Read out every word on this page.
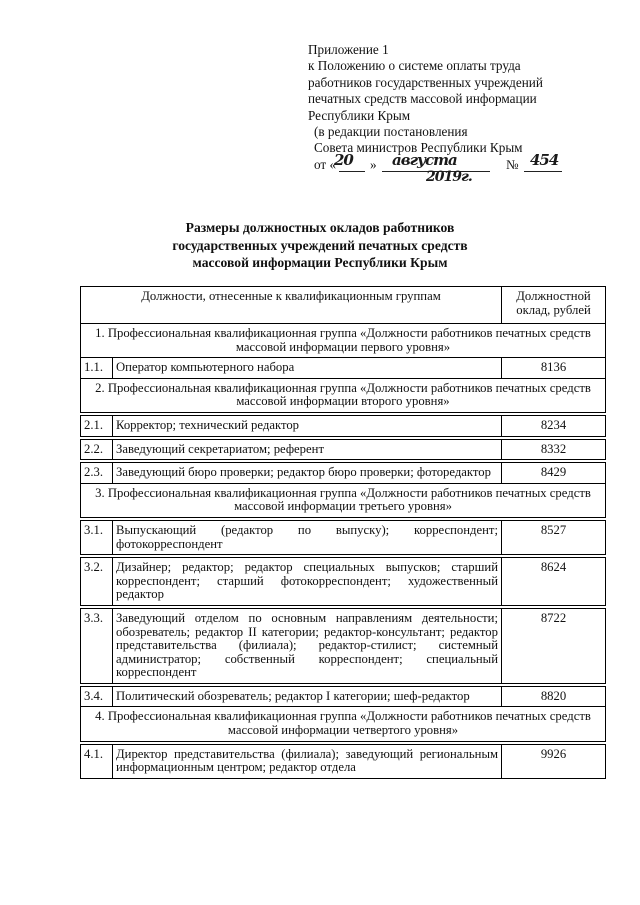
Приложение 1
к Положению о системе оплаты труда
работников государственных учреждений
печатных средств массовой информации
Республики Крым
(в редакции постановления
Совета министров Республики Крым
от «
20 » августа
2019г.
№ 454
Размеры должностных окладов работников
государственных учреждений печатных средств
массовой информации Республики Крым
Должности, отнесенные к квалификационным группам		Должностной оклад, рублей
1. Профессиональная квалификационная группа «Должности работников печатных средств массовой информации первого уровня»		
1.1.	Оператор компьютерного набора	8136
2. Профессиональная квалификационная группа «Должности работников печатных средств массовой информации второго уровня»		

2.1.	Корректор; технический редактор	8234

2.2.	Заведующий секретариатом; референт	8332

2.3.	Заведующий бюро проверки; редактор бюро проверки; фоторедактор	8429
3. Профессиональная квалификационная группа «Должности работников печатных средств массовой информации третьего уровня»		

3.1.	Выпускающий (редактор по выпуску); корреспондент; фотокорреспондент	8527

3.2.	Дизайнер; редактор; редактор специальных выпусков; старший корреспондент; старший фотокорреспондент; художественный редактор	8624

3.3.	Заведующий отделом по основным направлениям деятельности; обозреватель; редактор II категории; редактор-консультант; редактор представительства (филиала); редактор-стилист; системный администратор; собственный корреспондент; специальный корреспондент	8722

3.4.	Политический обозреватель; редактор I категории; шеф-редактор	8820
4. Профессиональная квалификационная группа «Должности работников печатных средств массовой информации четвертого уровня»		

4.1.	Директор представительства (филиала); заведующий региональным информационным центром; редактор отдела	9926
